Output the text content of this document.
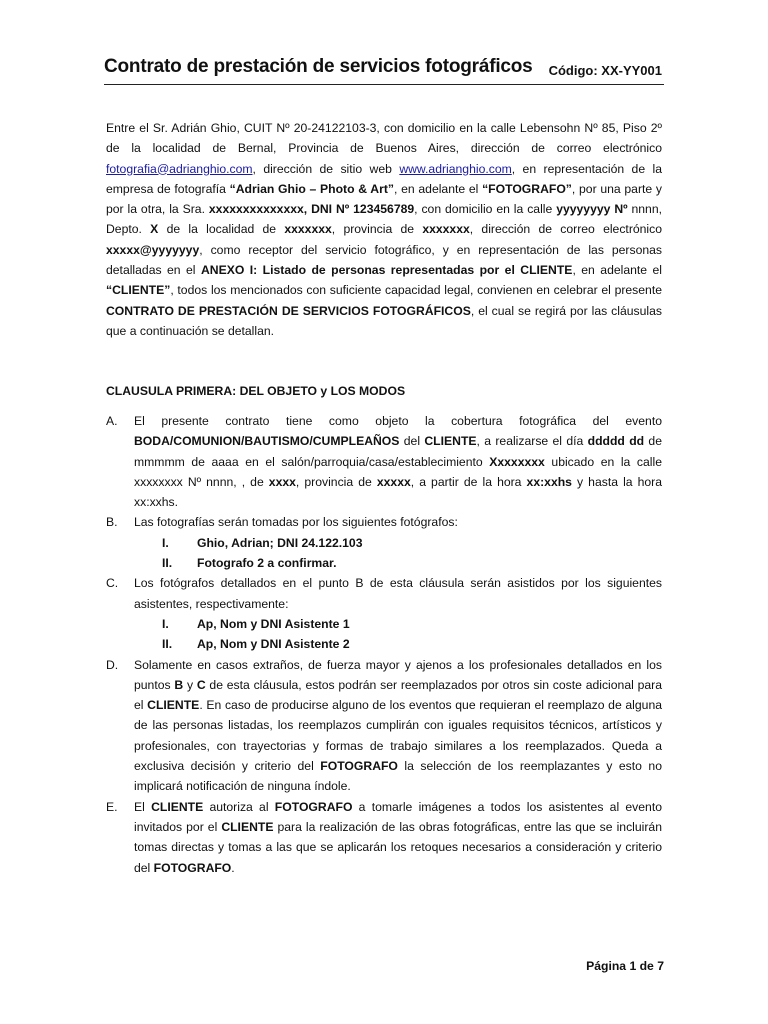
Contrato de prestación de servicios fotográficos Código: XX-YY001
Entre el Sr. Adrián Ghio, CUIT Nº 20-24122103-3, con domicilio en la calle Lebensohn Nº 85, Piso 2º de la localidad de Bernal, Provincia de Buenos Aires, dirección de correo electrónico fotografia@adrianghio.com, dirección de sitio web www.adrianghio.com, en representación de la empresa de fotografía “Adrian Ghio – Photo & Art”, en adelante el “FOTOGRAFO”, por una parte y por la otra, la Sra. xxxxxxxxxxxxxx, DNI Nº 123456789, con domicilio en la calle yyyyyyyy Nº nnnn, Depto. X de la localidad de xxxxxxx, provincia de xxxxxxx, dirección de correo electrónico xxxxx@yyyyyyy, como receptor del servicio fotográfico, y en representación de las personas detalladas en el ANEXO I: Listado de personas representadas por el CLIENTE, en adelante el “CLIENTE”, todos los mencionados con suficiente capacidad legal, convienen en celebrar el presente CONTRATO DE PRESTACIÓN DE SERVICIOS FOTOGRÁFICOS, el cual se regirá por las cláusulas que a continuación se detallan.
CLAUSULA PRIMERA: DEL OBJETO y LOS MODOS
A. El presente contrato tiene como objeto la cobertura fotográfica del evento BODA/COMUNION/BAUTISMO/CUMPLEAÑOS del CLIENTE, a realizarse el día ddddd dd de mmmmm de aaaa en el salón/parroquia/casa/establecimiento Xxxxxxxx ubicado en la calle xxxxxxxx Nº nnnn, , de xxxx, provincia de xxxxx, a partir de la hora xx:xxhs y hasta la hora xx:xxhs.
B. Las fotografías serán tomadas por los siguientes fotógrafos:
I. Ghio, Adrian; DNI 24.122.103
II. Fotografo 2 a confirmar.
C. Los fotógrafos detallados en el punto B de esta cláusula serán asistidos por los siguientes asistentes, respectivamente:
I. Ap, Nom y DNI Asistente 1
II. Ap, Nom y DNI Asistente 2
D. Solamente en casos extraños, de fuerza mayor y ajenos a los profesionales detallados en los puntos B y C de esta cláusula, estos podrán ser reemplazados por otros sin coste adicional para el CLIENTE. En caso de producirse alguno de los eventos que requieran el reemplazo de alguna de las personas listadas, los reemplazos cumplirán con iguales requisitos técnicos, artísticos y profesionales, con trayectorias y formas de trabajo similares a los reemplazados. Queda a exclusiva decisión y criterio del FOTOGRAFO la selección de los reemplazantes y esto no implicará notificación de ninguna índole.
E. El CLIENTE autoriza al FOTOGRAFO a tomarle imágenes a todos los asistentes al evento invitados por el CLIENTE para la realización de las obras fotográficas, entre las que se incluirán tomas directas y tomas a las que se aplicarán los retoques necesarios a consideración y criterio del FOTOGRAFO.
Página 1 de 7
